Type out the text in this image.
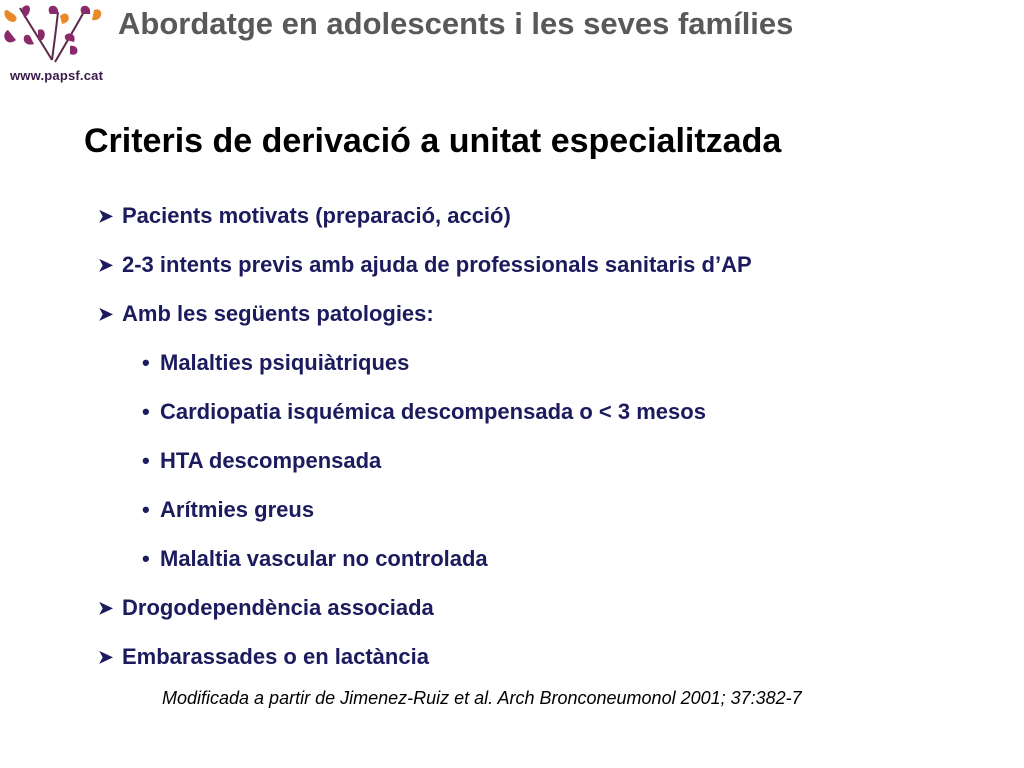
www.papsf.cat
Abordatge en adolescents i les seves famílies
Criteris de derivació a unitat especialitzada
➤ Pacients motivats (preparació, acció)
➤ 2-3 intents previs amb ajuda de professionals sanitaris d’AP
➤ Amb les següents patologies:
• Malalties psiquiàtriques
• Cardiopatia isquémica descompensada o < 3 mesos
• HTA descompensada
• Arítmies greus
• Malaltia vascular no controlada
➤ Drogodependència associada
➤ Embarassades o en lactància
Modificada a partir de Jimenez-Ruiz et al. Arch Bronconeumonol 2001; 37:382-7
